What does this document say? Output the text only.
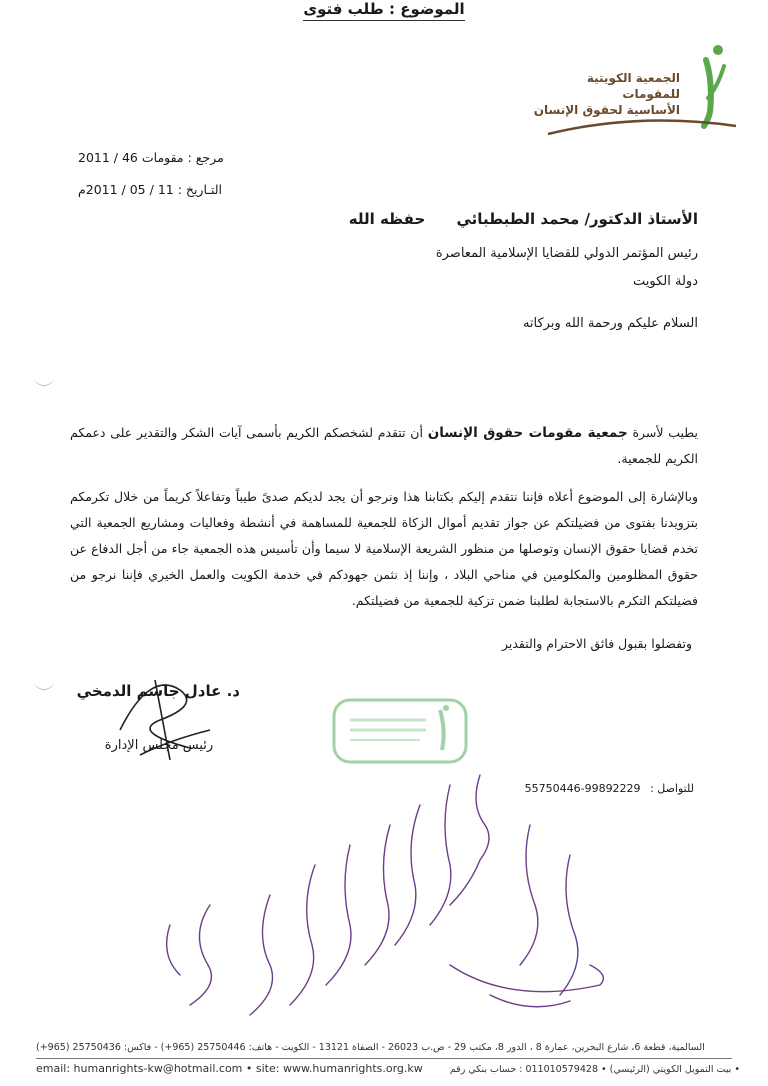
الجمعية الكويتية للمقومات
الأساسية لحقوق الإنسان
مرجع : مقومات 46 / 2011
التـاريخ : 11 / 05 / 2011م
الأستاذ الدكتور/ محمد الطبطبائي حفظه الله
رئيس المؤتمر الدولي للقضايا الإسلامية المعاصرة
دولة الكويت
السلام عليكم ورحمة الله وبركاته
الموضوع : طلب فتوى
يطيب لأسرة جمعية مقومات حقوق الإنسان أن تتقدم لشخصكم الكريم بأسمى آيات الشكر والتقدير على دعمكم الكريم للجمعية.
وبالإشارة إلى الموضوع أعلاه فإننا نتقدم إليكم بكتابنا هذا ونرجو أن يجد لديكم صدىً طيباً وتفاعلاً كريماً من خلال تكرمكم بتزويدنا بفتوى من فضيلتكم عن جواز تقديم أموال الزكاة للجمعية للمساهمة في أنشطة وفعاليات ومشاريع الجمعية التي تخدم قضايا حقوق الإنسان وتوصلها من منظور الشريعة الإسلامية لا سيما وأن تأسيس هذه الجمعية جاء من أجل الدفاع عن حقوق المظلومين والمكلومين في مناحي البلاد ، وإننا إذ نثمن جهودكم في خدمة الكويت والعمل الخيري فإننا نرجو من فضيلتكم التكرم بالاستجابة لطلبنا ضمن تزكية للجمعية من فضيلتكم.
وتفضلوا بقبول فائق الاحترام والتقدير
د. عادل جاسم الدمخي
رئيس مجلس الإدارة
للتواصل : 55750446-99892229
السالمية، قطعة 6، شارع البحرين، عمارة 8 ، الدور 8، مكتب 29 - ص.ب 26023 - الصفاة 13121 - الكويت - هاتف: 25750446 (965+) - فاكس: 25750436 (965+)
email: humanrights-kw@hotmail.com • site: www.humanrights.org.kw	• بيت التمويل الكويتي (الرئيسي) • 011010579428 : حساب بنكي رقم
